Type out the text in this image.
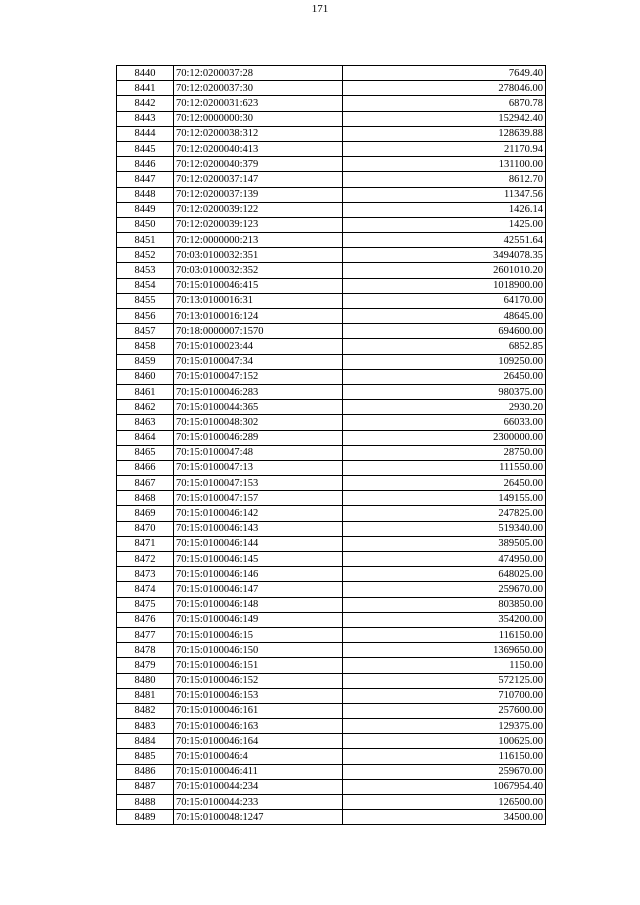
171
8440	70:12:0200037:28	7649.40
8441	70:12:0200037:30	278046.00
8442	70:12:0200031:623	6870.78
8443	70:12:0000000:30	152942.40
8444	70:12:0200038:312	128639.88
8445	70:12:0200040:413	21170.94
8446	70:12:0200040:379	131100.00
8447	70:12:0200037:147	8612.70
8448	70:12:0200037:139	11347.56
8449	70:12:0200039:122	1426.14
8450	70:12:0200039:123	1425.00
8451	70:12:0000000:213	42551.64
8452	70:03:0100032:351	3494078.35
8453	70:03:0100032:352	2601010.20
8454	70:15:0100046:415	1018900.00
8455	70:13:0100016:31	64170.00
8456	70:13:0100016:124	48645.00
8457	70:18:0000007:1570	694600.00
8458	70:15:0100023:44	6852.85
8459	70:15:0100047:34	109250.00
8460	70:15:0100047:152	26450.00
8461	70:15:0100046:283	980375.00
8462	70:15:0100044:365	2930.20
8463	70:15:0100048:302	66033.00
8464	70:15:0100046:289	2300000.00
8465	70:15:0100047:48	28750.00
8466	70:15:0100047:13	111550.00
8467	70:15:0100047:153	26450.00
8468	70:15:0100047:157	149155.00
8469	70:15:0100046:142	247825.00
8470	70:15:0100046:143	519340.00
8471	70:15:0100046:144	389505.00
8472	70:15:0100046:145	474950.00
8473	70:15:0100046:146	648025.00
8474	70:15:0100046:147	259670.00
8475	70:15:0100046:148	803850.00
8476	70:15:0100046:149	354200.00
8477	70:15:0100046:15	116150.00
8478	70:15:0100046:150	1369650.00
8479	70:15:0100046:151	1150.00
8480	70:15:0100046:152	572125.00
8481	70:15:0100046:153	710700.00
8482	70:15:0100046:161	257600.00
8483	70:15:0100046:163	129375.00
8484	70:15:0100046:164	100625.00
8485	70:15:0100046:4	116150.00
8486	70:15:0100046:411	259670.00
8487	70:15:0100044:234	1067954.40
8488	70:15:0100044:233	126500.00
8489	70:15:0100048:1247	34500.00
